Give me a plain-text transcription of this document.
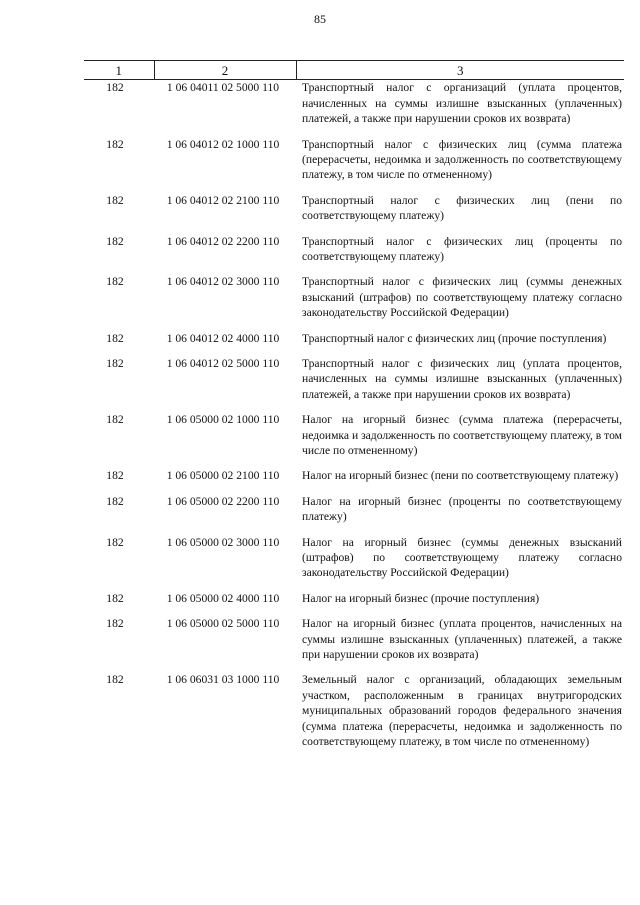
85
1	2	3
182	1 06 04011 02 5000 110	Транспортный налог с организаций (уплата процентов, начисленных на суммы излишне взысканных (уплаченных) платежей, а также при нарушении сроков их возврата)
182	1 06 04012 02 1000 110	Транспортный налог с физических лиц (сумма платежа (перерасчеты, недоимка и задолженность по соответствующему платежу, в том числе по отмененному)
182	1 06 04012 02 2100 110	Транспортный налог с физических лиц (пени по соответствующему платежу)
182	1 06 04012 02 2200 110	Транспортный налог с физических лиц (проценты по соответствующему платежу)
182	1 06 04012 02 3000 110	Транспортный налог с физических лиц (суммы денежных взысканий (штрафов) по соответствующему платежу согласно законодательству Российской Федерации)
182	1 06 04012 02 4000 110	Транспортный налог с физических лиц (прочие поступления)
182	1 06 04012 02 5000 110	Транспортный налог с физических лиц (уплата процентов, начисленных на суммы излишне взысканных (уплаченных) платежей, а также при нарушении сроков их возврата)
182	1 06 05000 02 1000 110	Налог на игорный бизнес (сумма платежа (перерасчеты, недоимка и задолженность по соответствующему платежу, в том числе по отмененному)
182	1 06 05000 02 2100 110	Налог на игорный бизнес (пени по соответствующему платежу)
182	1 06 05000 02 2200 110	Налог на игорный бизнес (проценты по соответствующему платежу)
182	1 06 05000 02 3000 110	Налог на игорный бизнес (суммы денежных взысканий (штрафов) по соответствующему платежу согласно законодательству Российской Федерации)
182	1 06 05000 02 4000 110	Налог на игорный бизнес (прочие поступления)
182	1 06 05000 02 5000 110	Налог на игорный бизнес (уплата процентов, начисленных на суммы излишне взысканных (уплаченных) платежей, а также при нарушении сроков их возврата)
182	1 06 06031 03 1000 110	Земельный налог с организаций, обладающих земельным участком, расположенным в границах внутригородских муниципальных образований городов федерального значения (сумма платежа (перерасчеты, недоимка и задолженность по соответствующему платежу, в том числе по отмененному)
